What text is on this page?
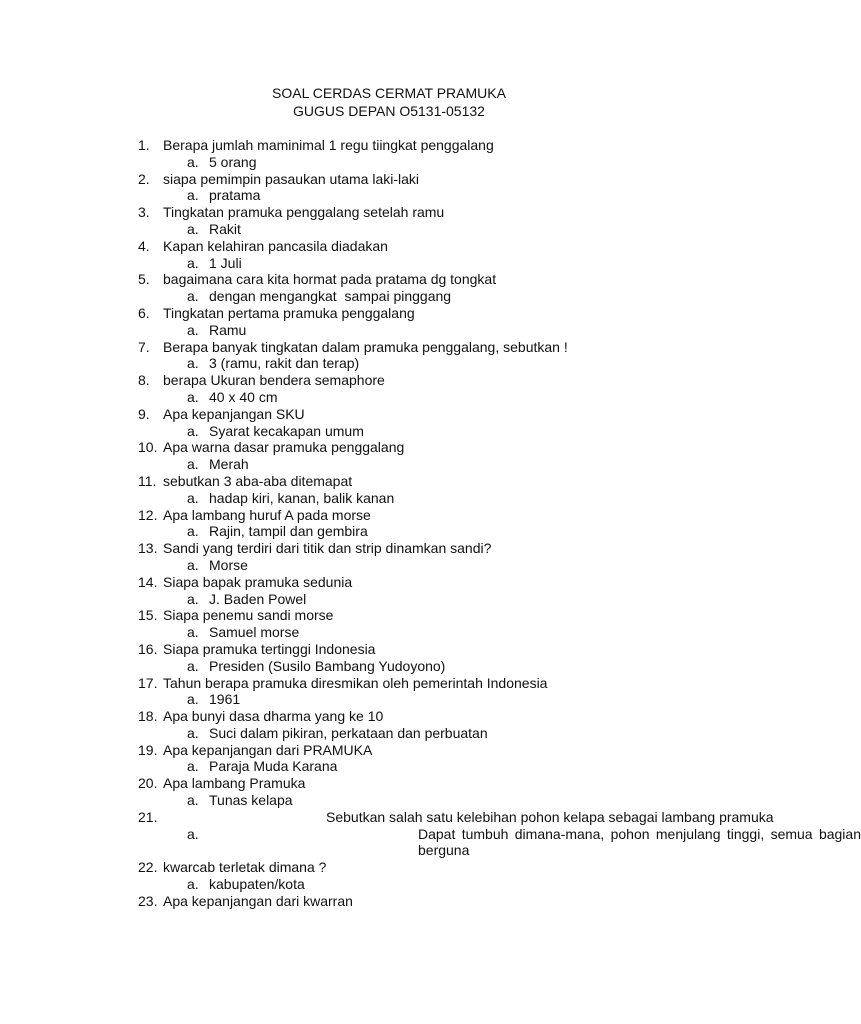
SOAL CERDAS CERMAT PRAMUKA
GUGUS DEPAN O5131-05132
1. Berapa jumlah maminimal 1 regu tiingkat penggalang
a. 5 orang
2. siapa pemimpin pasaukan utama laki-laki
a. pratama
3. Tingkatan pramuka penggalang setelah ramu
a. Rakit
4. Kapan kelahiran pancasila diadakan
a. 1 Juli
5. bagaimana cara kita hormat pada pratama dg tongkat
a. dengan mengangkat  sampai pinggang
6. Tingkatan pertama pramuka penggalang
a. Ramu
7. Berapa banyak tingkatan dalam pramuka penggalang, sebutkan !
a. 3 (ramu, rakit dan terap)
8. berapa Ukuran bendera semaphore
a. 40 x 40 cm
9. Apa kepanjangan SKU
a. Syarat kecakapan umum
10. Apa warna dasar pramuka penggalang
a. Merah
11. sebutkan 3 aba-aba ditemapat
a. hadap kiri, kanan, balik kanan
12. Apa lambang huruf A pada morse
a. Rajin, tampil dan gembira
13. Sandi yang terdiri dari titik dan strip dinamkan sandi?
a. Morse
14. Siapa bapak pramuka sedunia
a. J. Baden Powel
15. Siapa penemu sandi morse
a. Samuel morse
16. Siapa pramuka tertinggi Indonesia
a. Presiden (Susilo Bambang Yudoyono)
17. Tahun berapa pramuka diresmikan oleh pemerintah Indonesia
a. 1961
18. Apa bunyi dasa dharma yang ke 10
a. Suci dalam pikiran, perkataan dan perbuatan
19. Apa kepanjangan dari PRAMUKA
a. Paraja Muda Karana
20. Apa lambang Pramuka
a. Tunas kelapa
21.	Sebutkan salah satu kelebihan pohon kelapa sebagai lambang pramuka
a.	Dapat tumbuh dimana-mana, pohon menjulang tinggi, semua bagian berguna
22. kwarcab terletak dimana ?
a. kabupaten/kota
23. Apa kepanjangan dari kwarran
